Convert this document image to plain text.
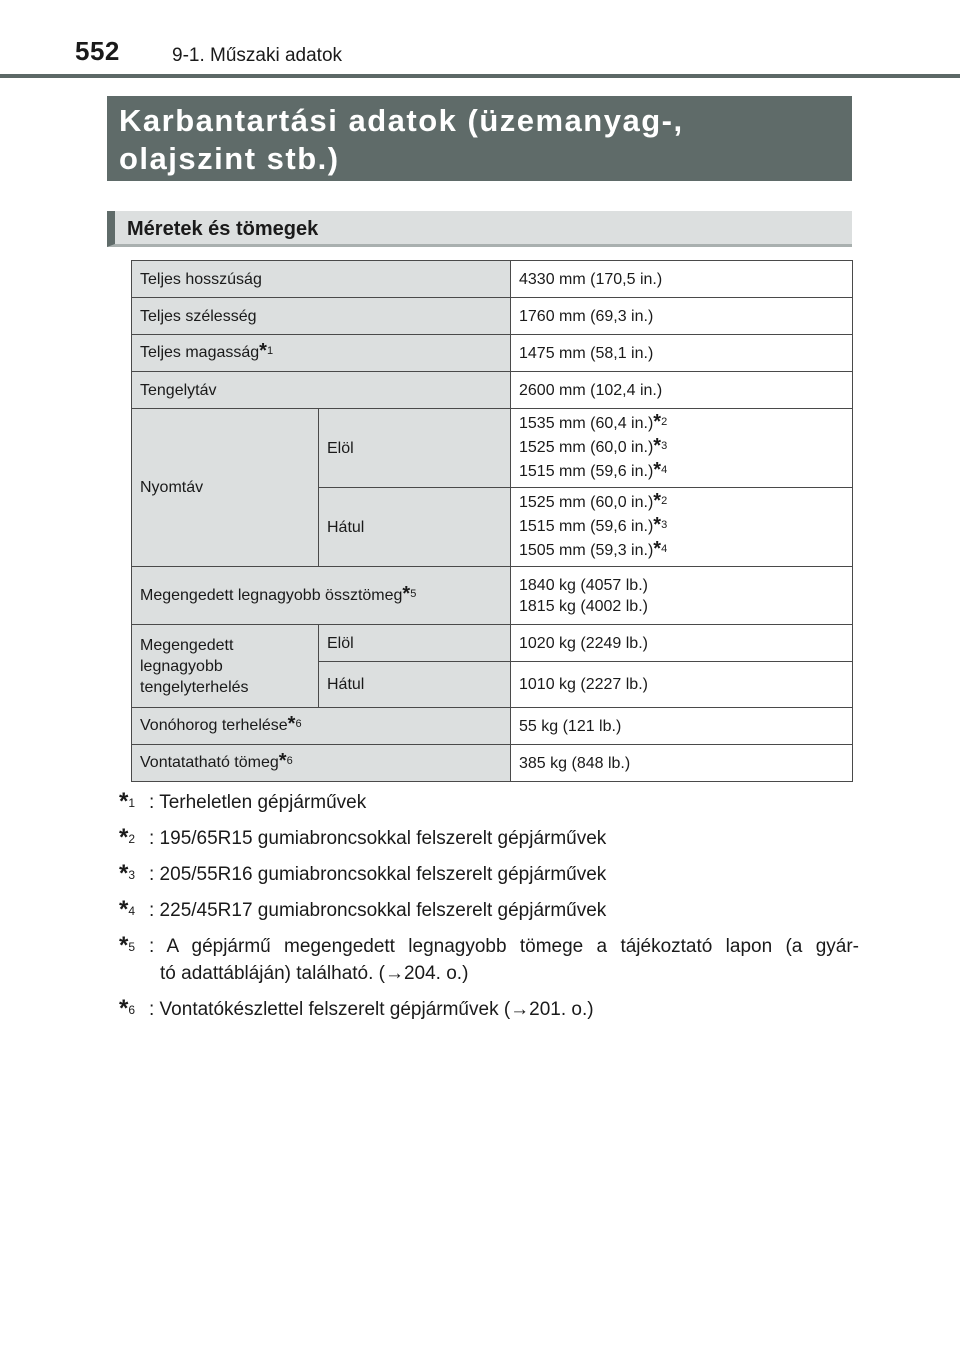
552	9-1. Műszaki adatok
Karbantartási adatok (üzemanyag-,
olajszint stb.)
Méretek és tömegek
Teljes hosszúság		4330 mm (170,5 in.)
Teljes szélesség		1760 mm (69,3 in.)
Teljes magasság$^{*1}$		1475 mm (58,1 in.)
Tengelytáv		2600 mm (102,4 in.)
Nyomtáv	Elöl	1535 mm (60,4 in.)$^{*2}$
1525 mm (60,0 in.)$^{*3}$
1515 mm (59,6 in.)$^{*4}$

	Hátul	1525 mm (60,0 in.)$^{*2}$
1515 mm (59,6 in.)$^{*3}$
1505 mm (59,3 in.)$^{*4}$

Megengedett legnagyobb össztömeg$^{*5}$		1840 kg (4057 lb.)
1815 kg (4002 lb.)

Megengedett
legnagyobb
tengelyterhelés	Elöl	1020 kg (2249 lb.)
	Hátul	1010 kg (2227 lb.)
Vonóhorog terhelése$^{*6}$		55 kg (121 lb.)
Vontatatható tömeg$^{*6}$		385 kg (848 lb.)
*1 : Terheletlen gépjárművek
*2 : 195/65R15 gumiabroncsokkal felszerelt gépjárművek
*3 : 205/55R16 gumiabroncsokkal felszerelt gépjárművek
*4 : 225/45R17 gumiabroncsokkal felszerelt gépjárművek
*5 : A gépjármű megengedett legnagyobb tömege a tájékoztató lapon (a gyár-
tó adattábláján) található. (→204. o.)
*6 : Vontatókészlettel felszerelt gépjárművek (→201. o.)
